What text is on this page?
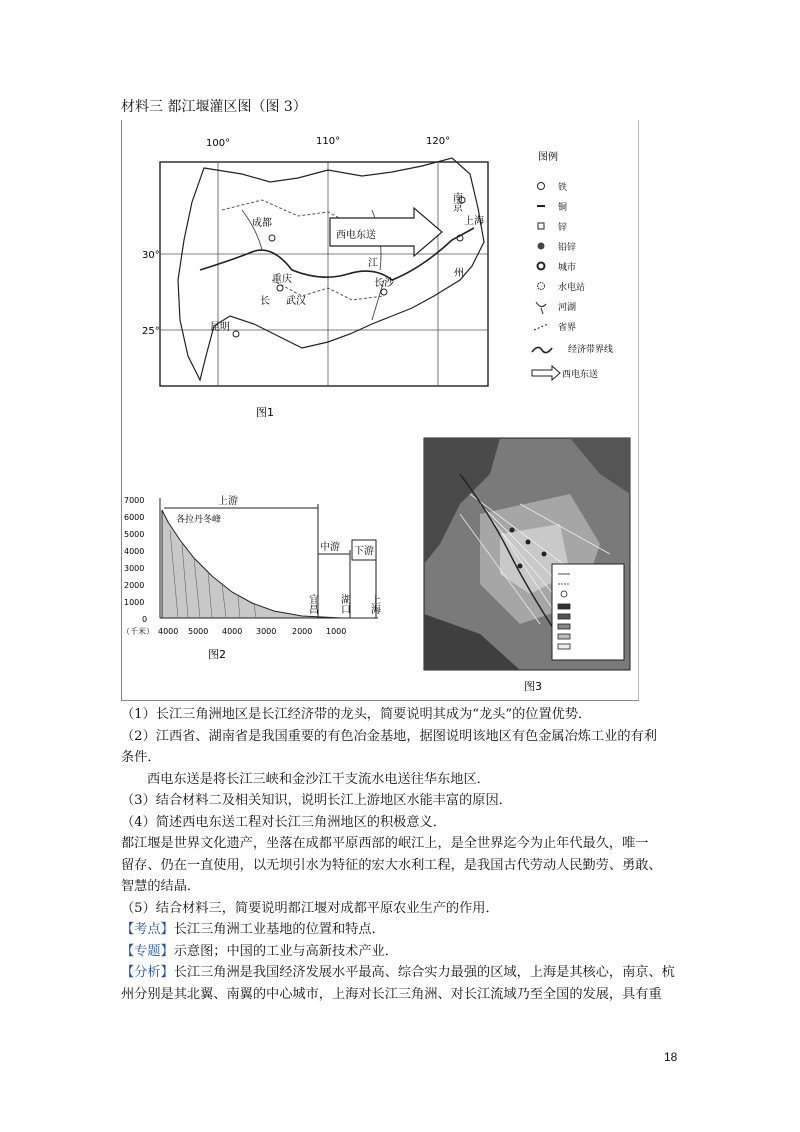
材料三 都江堰灌区图（图 3）
100°	110°	120°
30°
25°
西电东送
成都
重庆
长 武汉
长沙
江
南京
上海
州
昆明
图1
图例
铁
铜
锌
铅锌
城市
水电站
河湖
省界
经济带界线
西电东送
7000
6000
5000
4000
3000
2000
1000
0
上游
各拉丹冬峰
中游 下游
宜昌 湖口 上海
（千米） 4000 5000 4000 3000 2000 1000
图2
图3
（1）长江三角洲地区是长江经济带的龙头，简要说明其成为“龙头”的位置优势．
（2）江西省、湖南省是我国重要的有色冶金基地，据图说明该地区有色金属冶炼工业的有利
条件．
西电东送是将长江三峡和金沙江干支流水电送往华东地区．
（3）结合材料二及相关知识，说明长江上游地区水能丰富的原因．
（4）简述西电东送工程对长江三角洲地区的积极意义．
都江堰是世界文化遗产，坐落在成都平原西部的岷江上，是全世界迄今为止年代最久，唯一
留存、仍在一直使用，以无坝引水为特征的宏大水利工程，是我国古代劳动人民勤劳、勇敢、
智慧的结晶．
（5）结合材料三，简要说明都江堰对成都平原农业生产的作用．
【考点】长江三角洲工业基地的位置和特点．
【专题】示意图；中国的工业与高新技术产业．
【分析】长江三角洲是我国经济发展水平最高、综合实力最强的区域，上海是其核心，南京、杭
州分别是其北翼、南翼的中心城市，上海对长江三角洲、对长江流域乃至全国的发展，具有重
18
